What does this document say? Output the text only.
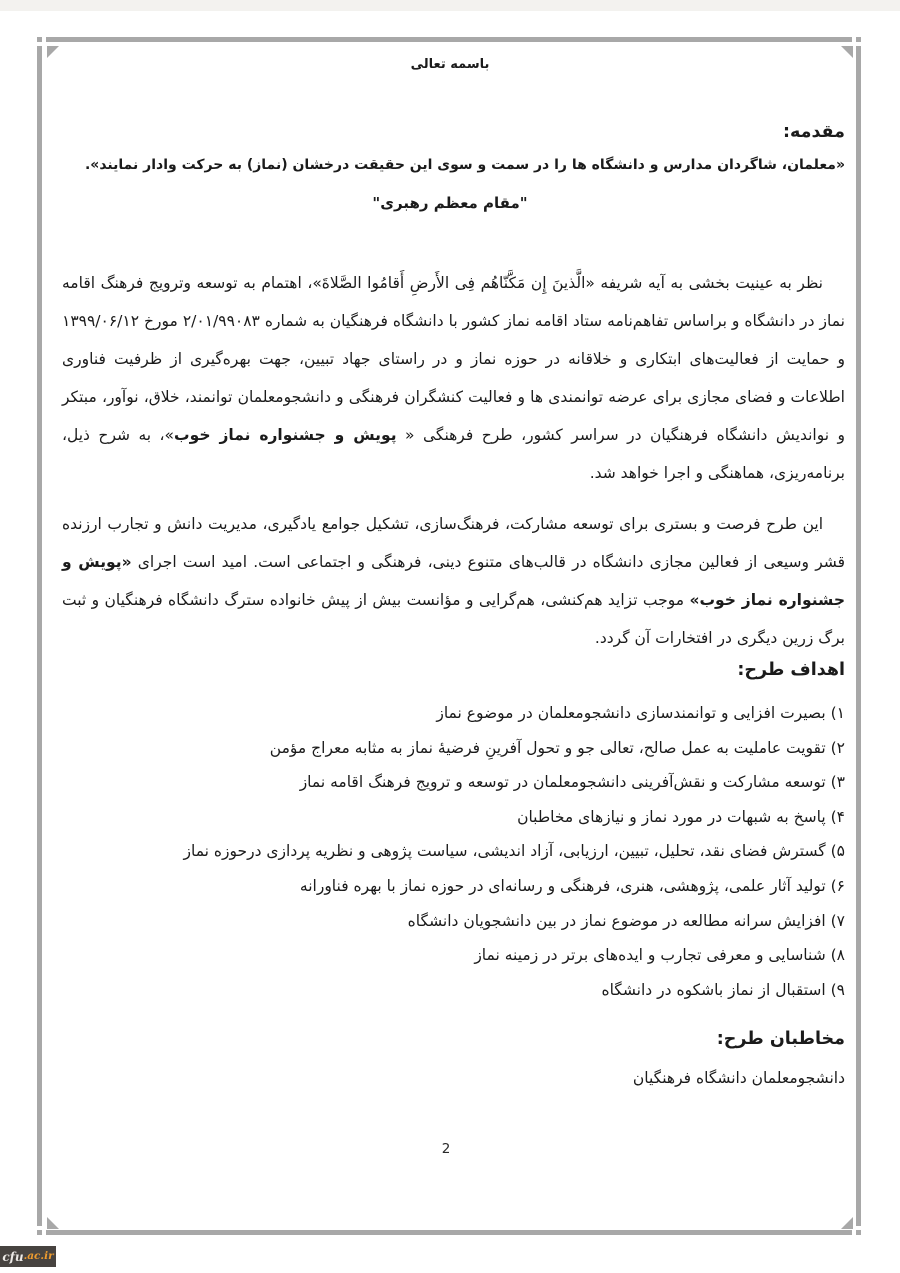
باسمه تعالی
مقدمه:
«معلمان، شاگردان مدارس و دانشگاه ها را در سمت و سوی این حقیقت درخشان (نماز) به حرکت وادار نمایند».
"مقام معظم رهبری"

نظر به عینیت بخشی به آیه شریفه «الَّذینَ إِن مَکَّنّاهُم فِی الأَرضِ أَقامُوا الصَّلاةَ»، اهتمام به توسعه وترویج فرهنگ اقامه نماز در دانشگاه و براساس تفاهم‌نامه ستاد اقامه نماز کشور با دانشگاه فرهنگیان به شماره ۲/۰۱/۹۹۰۸۳ مورخ ۱۳۹۹/۰۶/۱۲ و حمایت از فعالیت‌های ابتکاری و خلاقانه در حوزه نماز و در راستای جهاد تبیین، جهت بهره‌گیری از ظرفیت فناوری اطلاعات و فضای مجازی برای عرضه توانمندی ها و فعالیت کنشگران فرهنگی و دانشجومعلمان توانمند، خلاق، نوآور، مبتکر و نواندیش دانشگاه فرهنگیان در سراسر کشور، طرح فرهنگی « پویش و جشنواره نماز خوب»، به شرح ذیل، برنامه‌ریزی، هماهنگی و اجرا خواهد شد.

این طرح فرصت و بستری برای توسعه مشارکت، فرهنگ‌سازی، تشکیل جوامع یادگیری، مدیریت دانش و تجارب ارزنده قشر وسیعی از فعالین مجازی دانشگاه در قالب‌های متنوع دینی، فرهنگی و اجتماعی است. امید است اجرای «پویش و جشنواره نماز خوب» موجب تزاید هم‌کنشی، هم‌گرایی و مؤانست بیش از پیش خانواده سترگ دانشگاه فرهنگیان و ثبت برگ زرین دیگری در افتخارات آن گردد.

اهداف طرح:
۱) بصیرت افزایی و توانمندسازی دانشجومعلمان در موضوع نماز
۲) تقویت عاملیت به عمل صالح، تعالی جو و تحول آفرینِ فرضیۀ نماز به مثابه معراج مؤمن
۳) توسعه مشارکت و نقش‌آفرینی دانشجومعلمان در توسعه و ترویج فرهنگ اقامه نماز
۴) پاسخ به شبهات در مورد نماز و نیازهای مخاطبان
۵) گسترش فضای نقد، تحلیل، تبیین، ارزیابی، آزاد اندیشی، سیاست پژوهی و نظریه پردازی درحوزه نماز
۶) تولید آثار علمی، پژوهشی، هنری، فرهنگی و رسانه‌ای در حوزه نماز با بهره فناورانه
۷) افزایش سرانه مطالعه در موضوع نماز در بین دانشجویان دانشگاه
۸) شناسایی و معرفی تجارب و ایده‌های برتر در زمینه نماز
۹) استقبال از نماز باشکوه در دانشگاه
مخاطبان طرح:
دانشجومعلمان دانشگاه فرهنگیان
2
cfu .ac.ir
